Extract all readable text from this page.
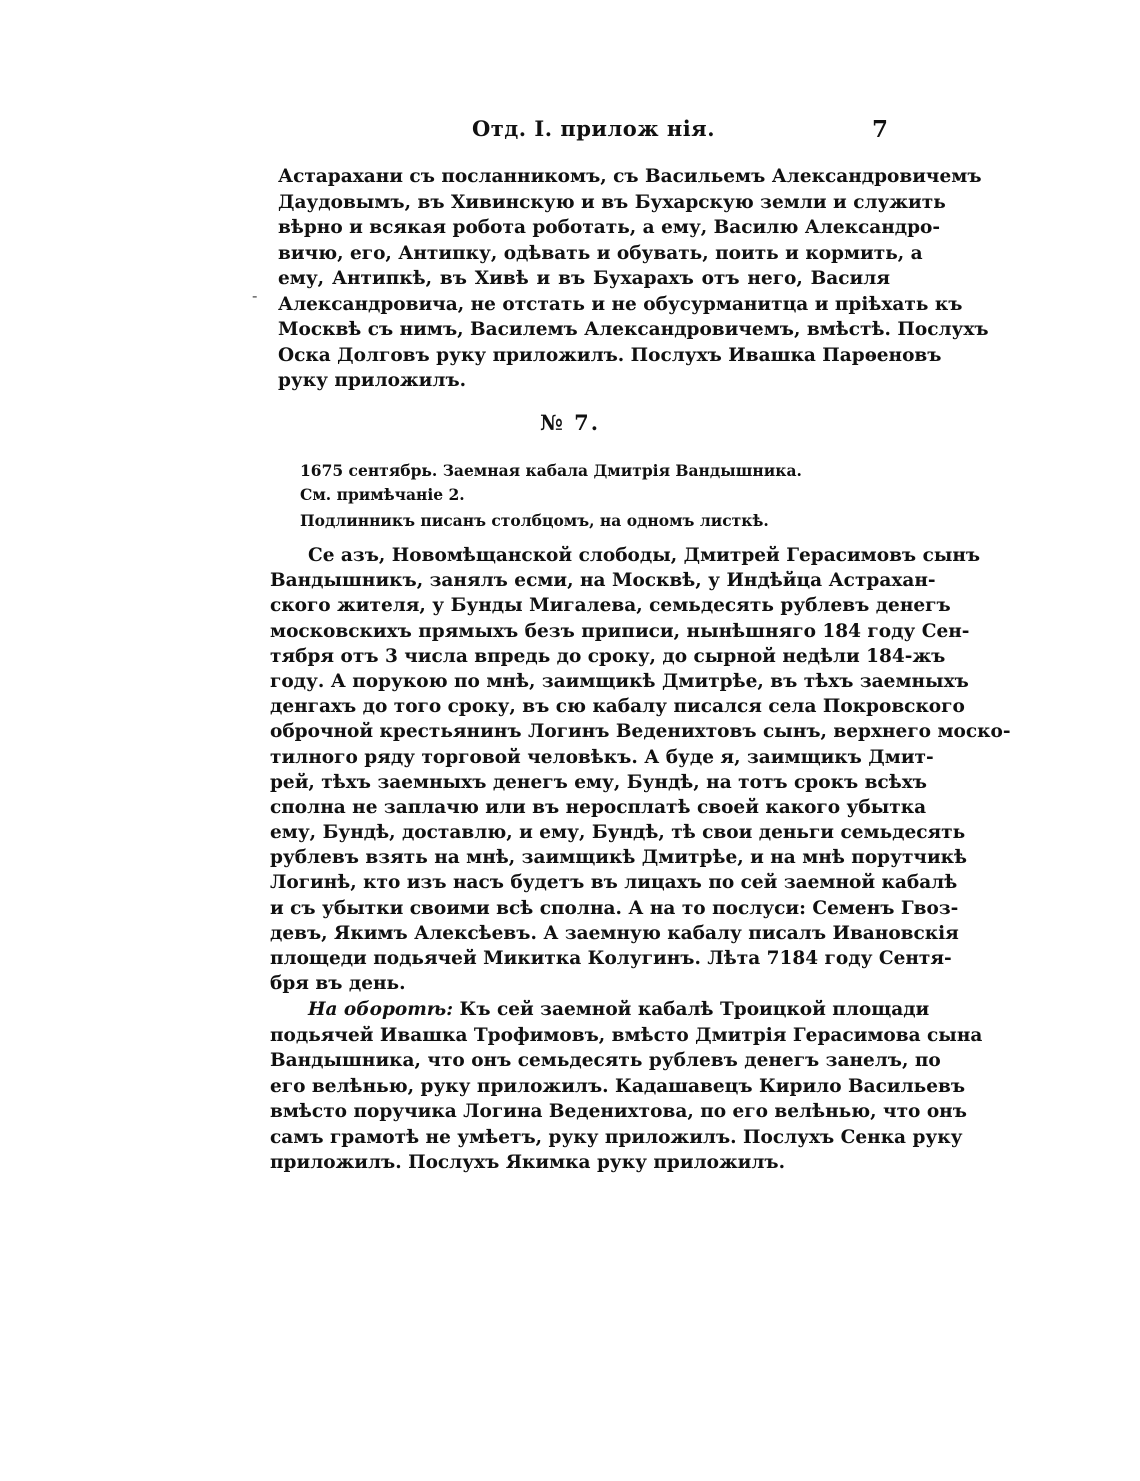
Отд. I. прилож нiя.	7
-
Астарахани съ посланникомъ, съ Васильемъ Александровичемъ
Даудовымъ, въ Хивинскую и въ Бухарскую земли и служить
вѣрно и всякая робота роботать, а ему, Василю Александро-
вичю, его, Антипку, одѣвать и обувать, поить и кормить, а
ему, Антипкѣ, въ Хивѣ и въ Бухарахъ отъ него, Василя
Александровича, не отстать и не обусурманитца и прiѣхать къ
Москвѣ съ нимъ, Василемъ Александровичемъ, вмѣстѣ. Послухъ
Оска Долговъ руку приложилъ. Послухъ Ивашка Парѳеновъ
руку приложилъ.
№ 7.
1675 сентябрь. Заемная кабала Дмитрiя Вандышника.
См. примѣчанiе 2.
Подлинникъ писанъ столбцомъ, на одномъ листкѣ.
Се азъ, Новомѣщанской слободы, Дмитрей Герасимовъ сынъ
Вандышникъ, занялъ есми, на Москвѣ, у Индѣйца Астрахан-
ского жителя, у Бунды Мигалева, семьдесять рублевъ денегъ
московскихъ прямыхъ безъ приписи, нынѣшняго 184 году Сен-
тября отъ 3 числа впредь до сроку, до сырной недѣли 184-жъ
году. А порукою по мнѣ, заимщикѣ Дмитрѣе, въ тѣхъ заемныхъ
денгахъ до того сроку, въ сю кабалу писался села Покровского
оброчной крестьянинъ Логинъ Веденихтовъ сынъ, верхнего моско-
тилного ряду торговой человѣкъ. А буде я, заимщикъ Дмит-
рей, тѣхъ заемныхъ денегъ ему, Бундѣ, на тотъ срокъ всѣхъ
сполна не заплачю или въ неросплатѣ своей какого убытка
ему, Бундѣ, доставлю, и ему, Бундѣ, тѣ свои деньги семьдесять
рублевъ взять на мнѣ, заимщикѣ Дмитрѣе, и на мнѣ порутчикѣ
Логинѣ, кто изъ насъ будетъ въ лицахъ по сей заемной кабалѣ
и съ убытки своими всѣ сполна. А на то послуси: Семенъ Гвоз-
девъ, Якимъ Алексѣевъ. А заемную кабалу писалъ Ивановскiя
площеди подьячей Микитка Колугинъ. Лѣта 7184 году Сентя-
бря въ день.
На оборотѣ: Къ сей заемной кабалѣ Троицкой площади
подьячей Ивашка Трофимовъ, вмѣсто Дмитрiя Герасимова сына
Вандышника, что онъ семьдесять рублевъ денегъ занелъ, по
его велѣнью, руку приложилъ. Кадашавецъ Кирило Васильевъ
вмѣсто поручика Логина Веденихтова, по его велѣнью, что онъ
самъ грамотѣ не умѣетъ, руку приложилъ. Послухъ Сенка руку
приложилъ. Послухъ Якимка руку приложилъ.
